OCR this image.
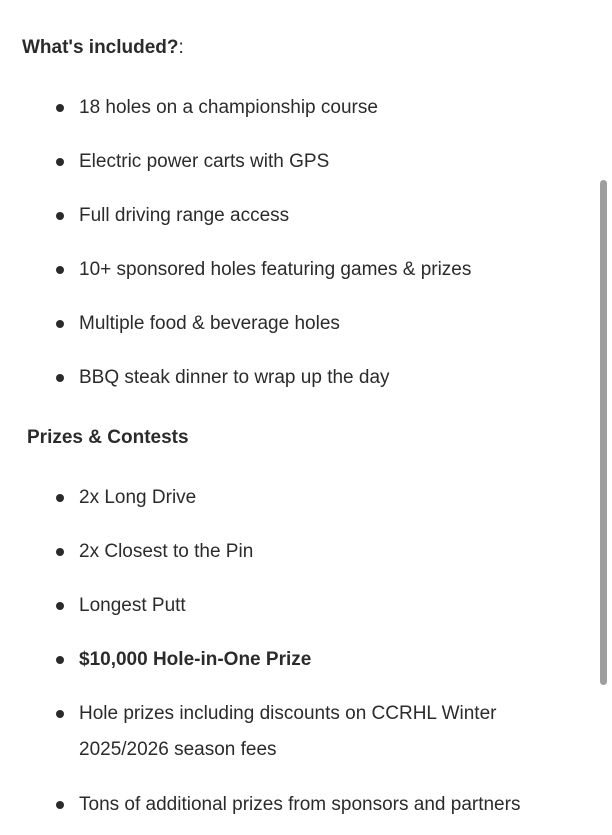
What's included?:
18 holes on a championship course
Electric power carts with GPS
Full driving range access
10+ sponsored holes featuring games & prizes
Multiple food & beverage holes
BBQ steak dinner to wrap up the day
Prizes & Contests
2x Long Drive
2x Closest to the Pin
Longest Putt
$10,000 Hole-in-One Prize
Hole prizes including discounts on CCRHL Winter 2025/2026 season fees
Tons of additional prizes from sponsors and partners
